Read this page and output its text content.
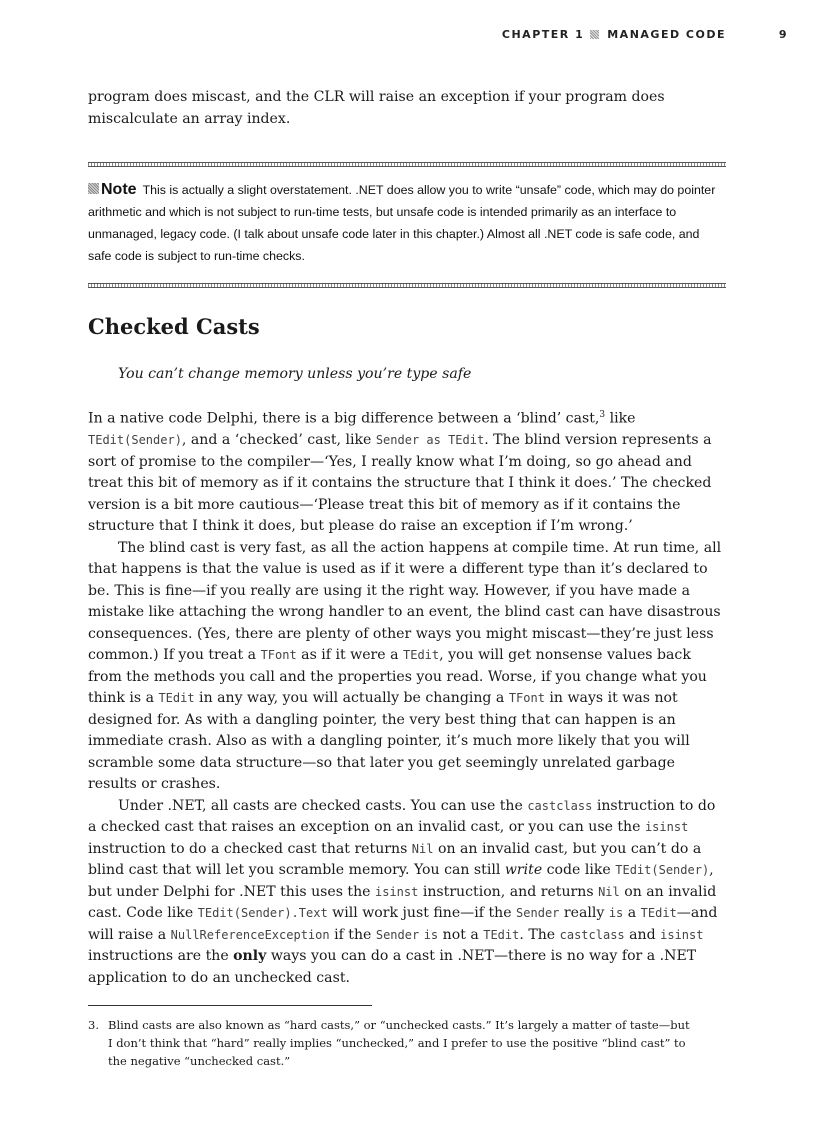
CHAPTER 1 MANAGED CODE	9

program does miscast, and the CLR will raise an exception if your program does miscalculate an array index.

Note This is actually a slight overstatement. .NET does allow you to write “unsafe” code, which may do pointer arithmetic and which is not subject to run-time tests, but unsafe code is intended primarily as an interface to unmanaged, legacy code. (I talk about unsafe code later in this chapter.) Almost all .NET code is safe code, and safe code is subject to run-time checks.
Checked Casts

You can’t change memory unless you’re type safe

In a native code Delphi, there is a big difference between a ‘blind’ cast,$^3$ like TEdit(Sender), and a ‘checked’ cast, like Sender as TEdit. The blind version represents a sort of promise to the compiler—‘Yes, I really know what I’m doing, so go ahead and treat this bit of memory as if it contains the structure that I think it does.’ The checked version is a bit more cautious—‘Please treat this bit of memory as if it contains the structure that I think it does, but please do raise an exception if I’m wrong.’

The blind cast is very fast, as all the action happens at compile time. At run time, all that happens is that the value is used as if it were a different type than it’s declared to be. This is fine—if you really are using it the right way. However, if you have made a mistake like attaching the wrong handler to an event, the blind cast can have disastrous consequences. (Yes, there are plenty of other ways you might miscast—they’re just less common.) If you treat a TFont as if it were a TEdit, you will get nonsense values back from the methods you call and the properties you read. Worse, if you change what you think is a TEdit in any way, you will actually be changing a TFont in ways it was not designed for. As with a dangling pointer, the very best thing that can happen is an immediate crash. Also as with a dangling pointer, it’s much more likely that you will scramble some data structure—so that later you get seemingly unrelated garbage results or crashes.

Under .NET, all casts are checked casts. You can use the castclass instruction to do a checked cast that raises an exception on an invalid cast, or you can use the isinst instruction to do a checked cast that returns Nil on an invalid cast, but you can’t do a blind cast that will let you scramble memory. You can still write code like TEdit(Sender), but under Delphi for .NET this uses the isinst instruction, and returns Nil on an invalid cast. Code like TEdit(Sender).Text will work just fine—if the Sender really is a TEdit—and will raise a NullReferenceException if the Sender is not a TEdit. The castclass and isinst instructions are the only ways you can do a cast in .NET—there is no way for a .NET application to do an unchecked cast.

3. Blind casts are also known as “hard casts,” or “unchecked casts.” It’s largely a matter of taste—but
I don’t think that “hard” really implies “unchecked,” and I prefer to use the positive “blind cast” to
the negative “unchecked cast.”
